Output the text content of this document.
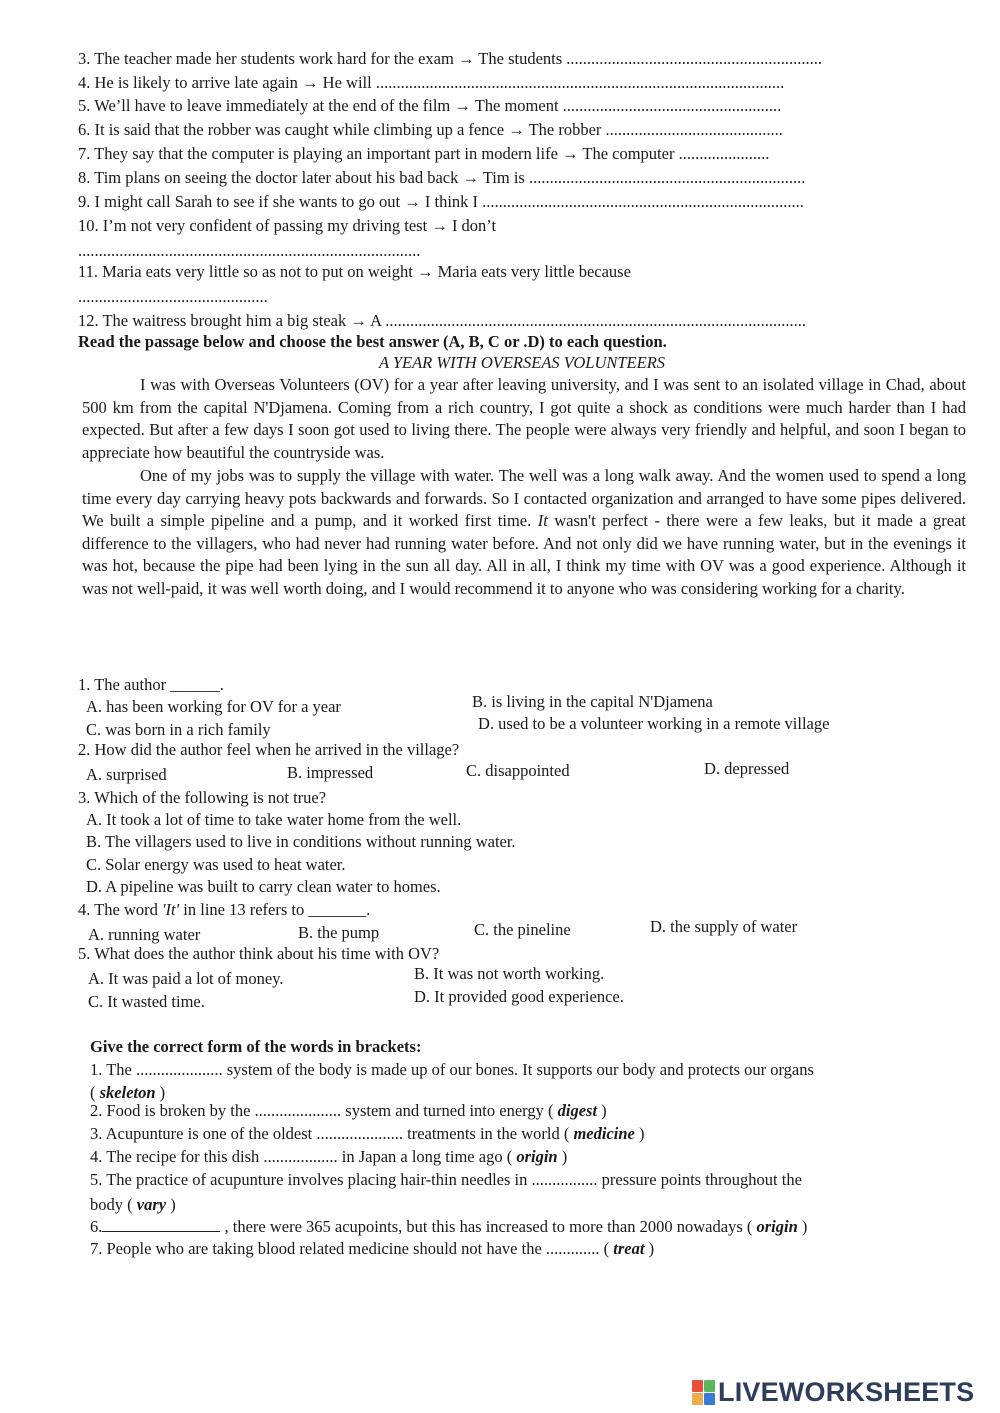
3. The teacher made her students work hard for the exam → The students ..............................................................
4. He is likely to arrive late again → He will ...................................................................................................
5. We’ll have to leave immediately at the end of the film → The moment .....................................................
6. It is said that the robber was caught while climbing up a fence → The robber ...........................................
7. They say that the computer is playing an important part in modern life → The computer ......................
8. Tim plans on seeing the doctor later about his bad back → Tim is ...................................................................
9. I might call Sarah to see if she wants to go out → I think I ..............................................................................
10. I’m not very confident of passing my driving test → I don’t
...................................................................................
11. Maria eats very little so as not to put on weight → Maria eats very little because
..............................................
12. The waitress brought him a big steak → A ......................................................................................................
Read the passage below and choose the best answer (A, B, C or .D) to each question.
A YEAR WITH OVERSEAS VOLUNTEERS

I was with Overseas Volunteers (OV) for a year after leaving university, and I was sent to an isolated village in Chad, about 500 km from the capital N'Djamena. Coming from a rich country, I got quite a shock as conditions were much harder than I had expected. But after a few days I soon got used to living there. The people were always very friendly and helpful, and soon I began to appreciate how beautiful the countryside was.

One of my jobs was to supply the village with water. The well was a long walk away. And the women used to spend a long time every day carrying heavy pots backwards and forwards. So I contacted organization and arranged to have some pipes delivered. We built a simple pipeline and a pump, and it worked first time. It wasn't perfect - there were a few leaks, but it made a great difference to the villagers, who had never had running water before. And not only did we have running water, but in the evenings it was hot, because the pipe had been lying in the sun all day. All in all, I think my time with OV was a good experience. Although it was not well-paid, it was well worth doing, and I would recommend it to anyone who was considering working for a charity.

1. The author ______.
A. has been working for OV for a year	B. is living in the capital N'Djamena
C. was born in a rich family	D. used to be a volunteer working in a remote village
2. How did the author feel when he arrived in the village?
A. surprised	B. impressed	C. disappointed	D. depressed
3. Which of the following is not true?
A. It took a lot of time to take water home from the well.
B. The villagers used to live in conditions without running water.
C. Solar energy was used to heat water.
D. A pipeline was built to carry clean water to homes.
4. The word 'It' in line 13 refers to _______.
A. running water	B. the pump	C. the pineline	D. the supply of water
5. What does the author think about his time with OV?
A. It was paid a lot of money.	B. It was not worth working.
C. It wasted time.	D. It provided good experience.
Give the correct form of the words in brackets:
1. The ..................... system of the body is made up of our bones. It supports our body and protects our organs
( skeleton )
2. Food is broken by the ..................... system and turned into energy ( digest )
3. Acupunture is one of the oldest ..................... treatments in the world ( medicine )
4. The recipe for this dish .................. in Japan a long time ago ( origin )
5. The practice of acupunture involves placing hair-thin needles in ................ pressure points throughout the
body ( vary )
6.	, there were 365 acupoints, but this has increased to more than 2000 nowadays ( origin )
7. People who are taking blood related medicine should not have the ............. ( treat )
LIVEWORKSHEETS
